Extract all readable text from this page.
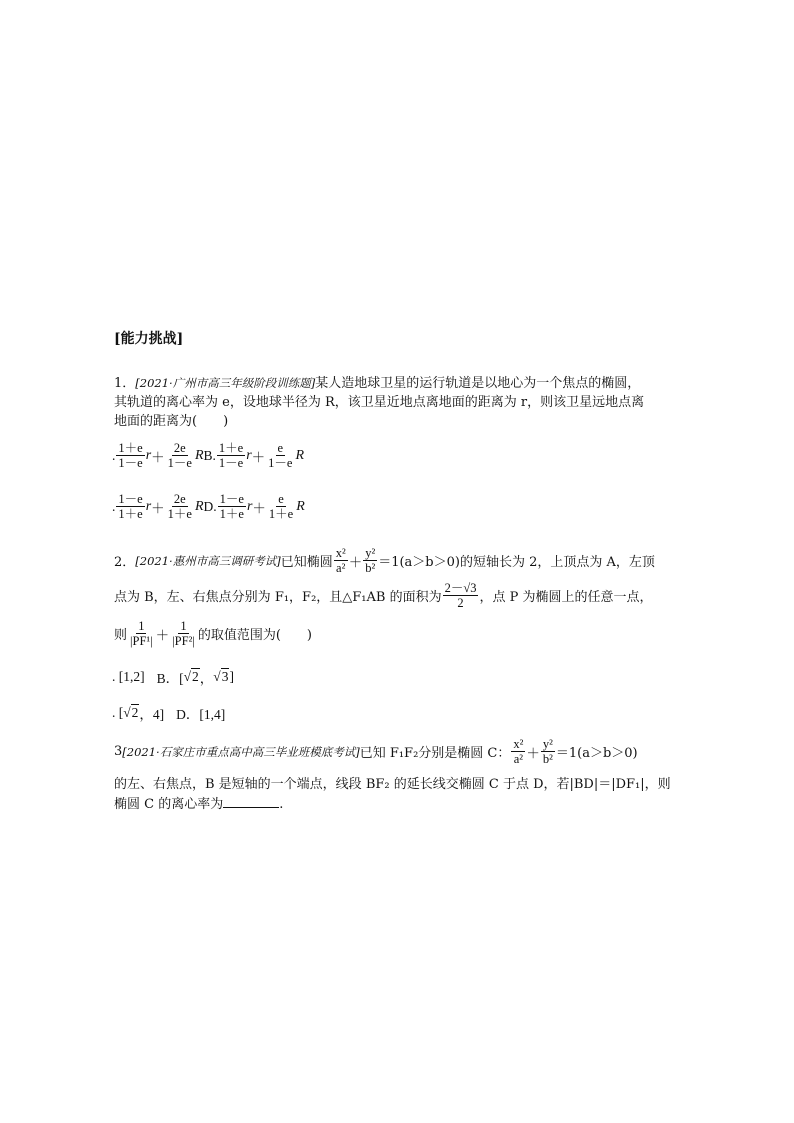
[能力挑战]
1．[2021·广州市高三年级阶段训练题]某人造地球卫星的运行轨道是以地心为一个焦点的椭圆，
其轨道的离心率为 e，设地球半径为 R，该卫星近地点离地面的距离为 r，则该卫星远地点离
地面的距离为(　　)
. $\frac{1+e}{1-e}$ $r + \frac{2e}{1-e}$ R B. $\frac{1+e}{1-e}$ $r + \frac{e}{1-e}$ R
. $\frac{1-e}{1+e}$ $r + \frac{2e}{1+e}$ R D. $\frac{1-e}{1+e}$ $r + \frac{e}{1+e}$ R
2． [2021·惠州市高三调研考试] 已知椭圆 $\frac{\text{x²}}{\text{a²}} + \frac{\text{y²}}{\text{b²}} =1(a>b>0)$的短轴长为 2，上顶点为 A，左顶
点为 B，左、右焦点分别为 F₁，F₂，且△F₁AB 的面积为 $\frac{2-√3}{2}$ ，点 P 为椭圆上的任意一点，
则 $\frac{1}{\text{|PF¹|}} + \frac{1}{\text{|PF²|}}$ 的取值范围为(　　)
. [1,2] B．[ √2 ， √3 ]
. [ √2 ，4] D．[1,4]
3 [2021·石家庄市重点高中高三毕业班模底考试] 已知 F₁F₂分别是椭圆 C： $\frac{\text{x²}}{\text{a²}} + \frac{\text{y²}}{\text{b²}} =1(a>b>0)$
的左、右焦点，B 是短轴的一个端点，线段 BF₂ 的延长线交椭圆 C 于点 D，若|BD|＝|DF₁|，则
椭圆 C 的离心率为	.
